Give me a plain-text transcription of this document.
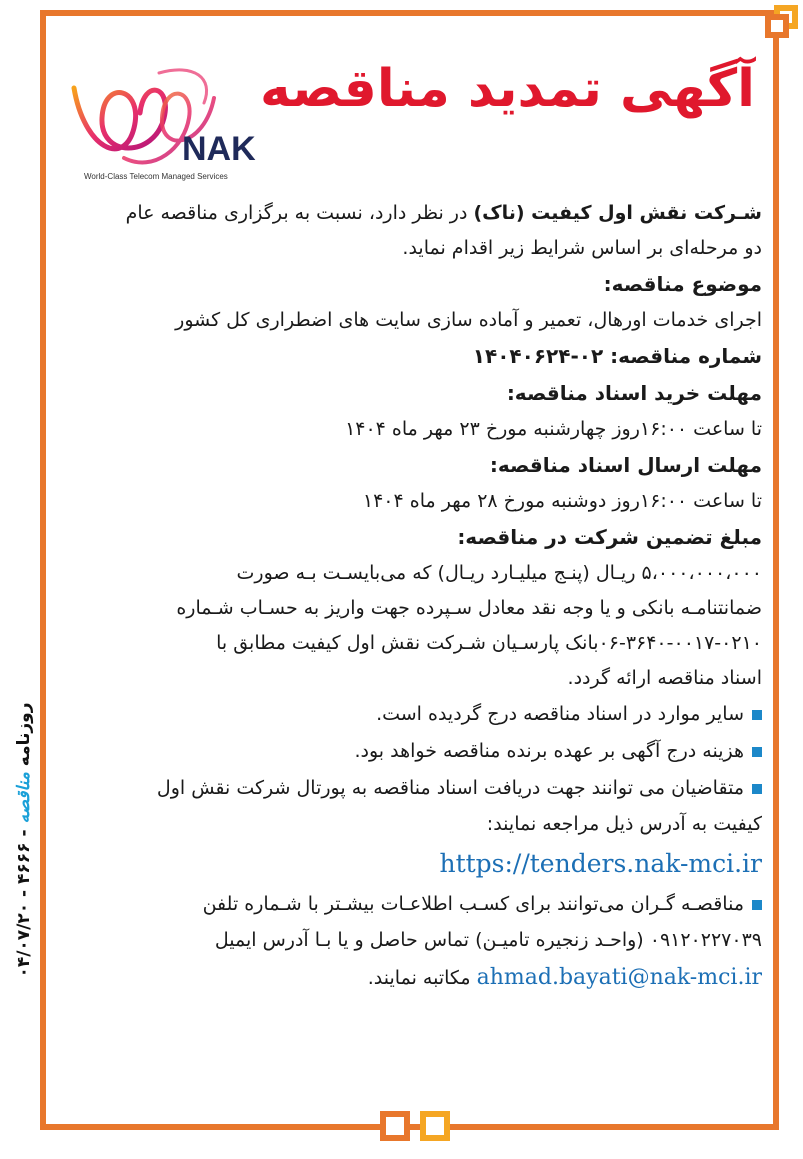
روزنامه مناقصه - ۴۶۶۶ - ۰۴/۰۷/۲۰
آگهی تمدید مناقصه
NAK
World-Class Telecom Managed Services

شـرکت نقش اول کیفیت (ناک) در نظر دارد، نسبت به برگزاری مناقصه عام

دو مرحله‌ای بر اساس شرایط زیر اقدام نماید.

موضوع مناقصه:

اجرای خدمات اورهال، تعمیر و آماده سازی سایت های اضطراری کل کشور

شماره مناقصه: ۰۲-۱۴۰۴۰۶۲۴

مهلت خرید اسناد مناقصه:

تا ساعت ۱۶:۰۰روز چهارشنبه مورخ ۲۳ مهر ماه ۱۴۰۴

مهلت ارسال اسناد مناقصه:

تا ساعت ۱۶:۰۰روز دوشنبه مورخ ۲۸ مهر ماه ۱۴۰۴

مبلغ تضمین شرکت در مناقصه:

۵،۰۰۰،۰۰۰،۰۰۰ ریـال (پنـج میلیـارد ریـال) که می‌بایسـت بـه صورت

ضمانتنامـه بانکی و یا وجه نقد معادل سـپرده جهت واریز به حسـاب شـماره

۰۶-۳۶۴۰-۰۰۱۷-۰۲۱۰بانک پارسـیان شـرکت نقش اول کیفیت مطابق با

اسناد مناقصه ارائه گردد.

سایر موارد در اسناد مناقصه درج گردیده است.

هزینه درج آگهی بر عهده برنده مناقصه خواهد بود.

متقاضیان می توانند جهت دریافت اسناد مناقصه به پورتال شرکت نقش اول

کیفیت به آدرس ذیل مراجعه نمایند:

https://tenders.nak-mci.ir

مناقصـه گـران می‌توانند برای کسـب اطلاعـات بیشـتر با شـماره تلفن

۰۹۱۲۰۲۲۷۰۳۹ (واحـد زنجیره تامیـن) تماس حاصل و یا بـا آدرس ایمیل

ahmad.bayati@nak-mci.ir مکاتبه نمایند.
